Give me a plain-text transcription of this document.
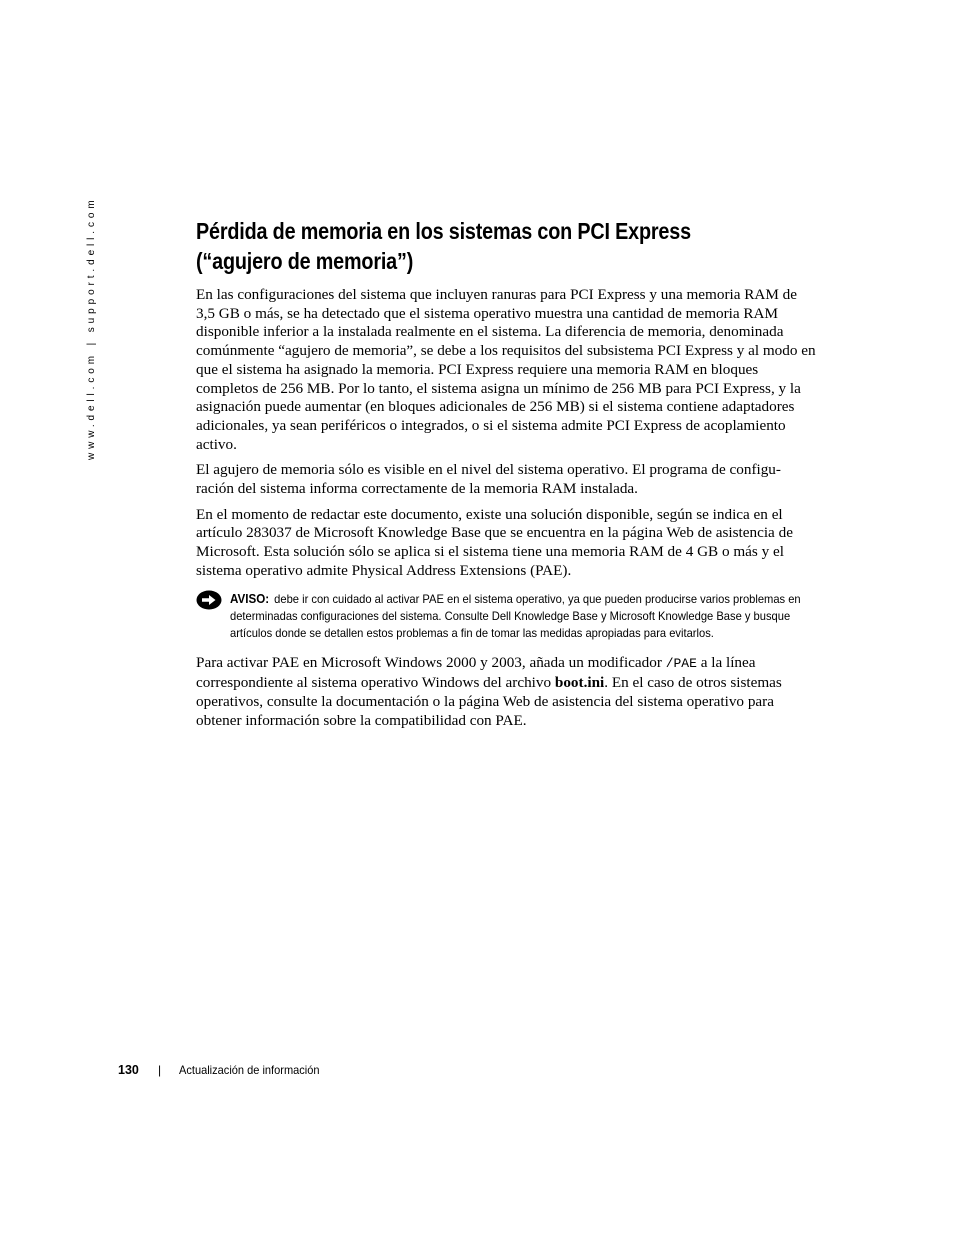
www.dell.com | support.dell.com	Pérdida de memoria en los sistemas con PCI Express
(“agujero de memoria”)

En las configuraciones del sistema que incluyen ranuras para PCI Express y una memoria RAM de 3,5 GB o más, se ha detectado que el sistema operativo muestra una cantidad de memoria RAM disponible inferior a la instalada realmente en el sistema. La diferencia de memoria, denominada comúnmente “agujero de memoria”, se debe a los requisitos del subsistema PCI Express y al modo en que el sistema ha asignado la memoria. PCI Express requiere una memoria RAM en bloques completos de 256 MB. Por lo tanto, el sistema asigna un mínimo de 256 MB para PCI Express, y la asignación puede aumentar (en bloques adicionales de 256 MB) si el sistema contiene adaptadores adicionales, ya sean periféricos o integrados, o si el sistema admite PCI Express de acoplamiento activo.

El agujero de memoria sólo es visible en el nivel del sistema operativo. El programa de configu-ración del sistema informa correctamente de la memoria RAM instalada.

En el momento de redactar este documento, existe una solución disponible, según se indica en el artículo 283037 de Microsoft Knowledge Base que se encuentra en la página Web de asistencia de Microsoft. Esta solución sólo se aplica si el sistema tiene una memoria RAM de 4 GB o más y el sistema operativo admite Physical Address Extensions (PAE).

AVISO: debe ir con cuidado al activar PAE en el sistema operativo, ya que pueden producirse varios problemas en determinadas configuraciones del sistema. Consulte Dell Knowledge Base y Microsoft Knowledge Base y busque artículos donde se detallen estos problemas a fin de tomar las medidas apropiadas para evitarlos.

Para activar PAE en Microsoft Windows 2000 y 2003, añada un modificador /PAE a la línea correspondiente al sistema operativo Windows del archivo boot.ini. En el caso de otros sistemas operativos, consulte la documentación o la página Web de asistencia del sistema operativo para obtener información sobre la compatibilidad con PAE.

130 | Actualización de información
